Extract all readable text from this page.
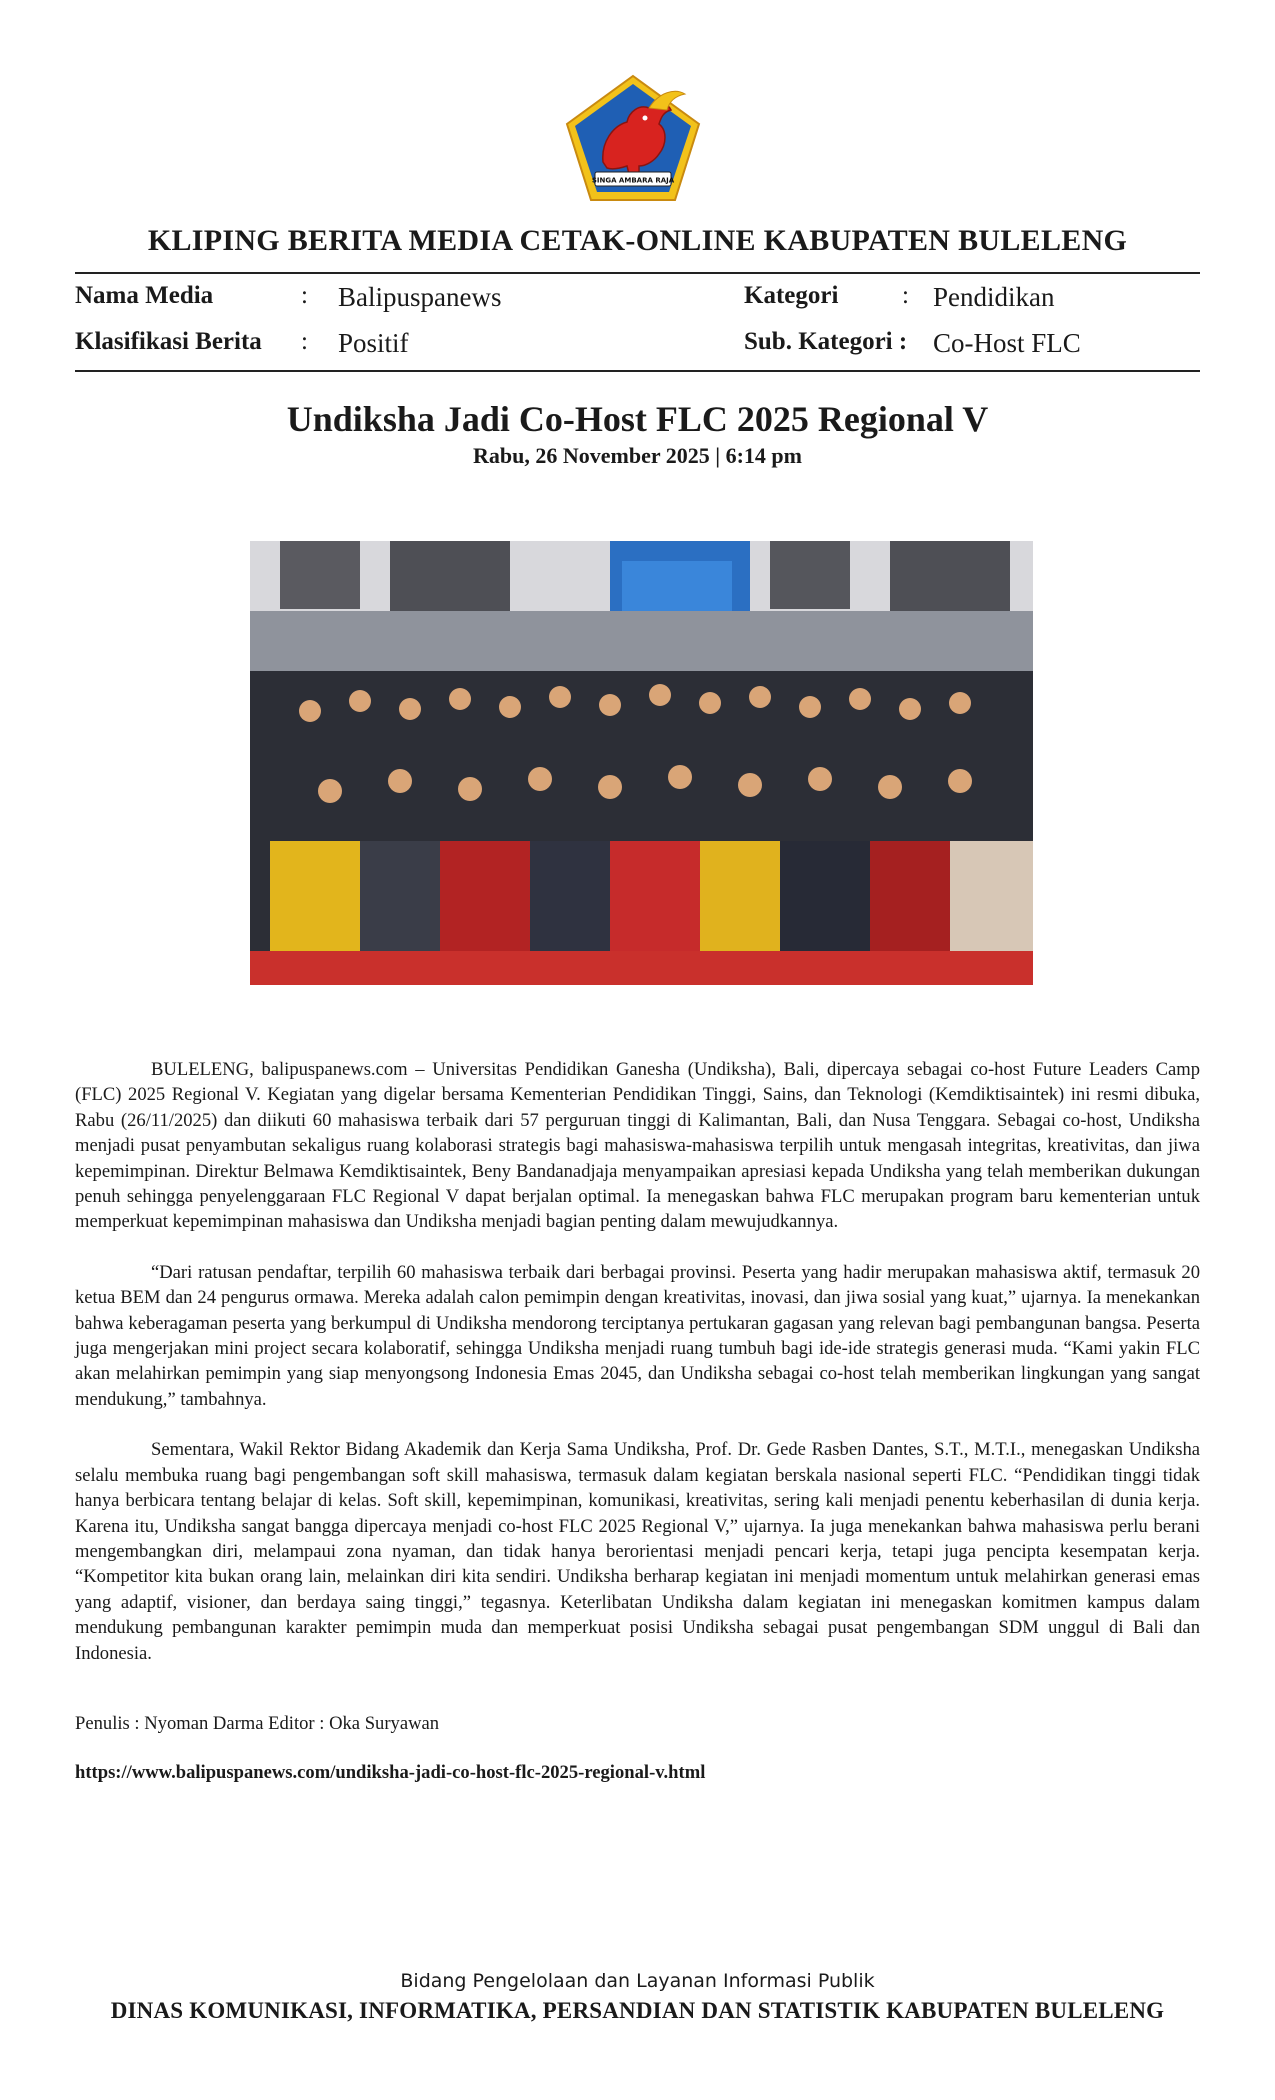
SINGA AMBARA RAJA
KLIPING BERITA MEDIA CETAK-ONLINE KABUPATEN BULELENG
Nama Media	: Balipuspanews	Kategori	: Pendidikan
Klasifikasi Berita : Positif	Sub. Kategori : Co-Host FLC
Undiksha Jadi Co-Host FLC 2025 Regional V
Rabu, 26 November 2025 | 6:14 pm

BULELENG, balipuspanews.com – Universitas Pendidikan Ganesha (Undiksha), Bali, dipercaya sebagai co-host Future Leaders Camp (FLC) 2025 Regional V. Kegiatan yang digelar bersama Kementerian Pendidikan Tinggi, Sains, dan Teknologi (Kemdiktisaintek) ini resmi dibuka, Rabu (26/11/2025) dan diikuti 60 mahasiswa terbaik dari 57 perguruan tinggi di Kalimantan, Bali, dan Nusa Tenggara. Sebagai co-host, Undiksha menjadi pusat penyambutan sekaligus ruang kolaborasi strategis bagi mahasiswa-mahasiswa terpilih untuk mengasah integritas, kreativitas, dan jiwa kepemimpinan. Direktur Belmawa Kemdiktisaintek, Beny Bandanadjaja menyampaikan apresiasi kepada Undiksha yang telah memberikan dukungan penuh sehingga penyelenggaraan FLC Regional V dapat berjalan optimal. Ia menegaskan bahwa FLC merupakan program baru kementerian untuk memperkuat kepemimpinan mahasiswa dan Undiksha menjadi bagian penting dalam mewujudkannya.

“Dari ratusan pendaftar, terpilih 60 mahasiswa terbaik dari berbagai provinsi. Peserta yang hadir merupakan mahasiswa aktif, termasuk 20 ketua BEM dan 24 pengurus ormawa. Mereka adalah calon pemimpin dengan kreativitas, inovasi, dan jiwa sosial yang kuat,” ujarnya. Ia menekankan bahwa keberagaman peserta yang berkumpul di Undiksha mendorong terciptanya pertukaran gagasan yang relevan bagi pembangunan bangsa. Peserta juga mengerjakan mini project secara kolaboratif, sehingga Undiksha menjadi ruang tumbuh bagi ide-ide strategis generasi muda. “Kami yakin FLC akan melahirkan pemimpin yang siap menyongsong Indonesia Emas 2045, dan Undiksha sebagai co-host telah memberikan lingkungan yang sangat mendukung,” tambahnya.

Sementara, Wakil Rektor Bidang Akademik dan Kerja Sama Undiksha, Prof. Dr. Gede Rasben Dantes, S.T., M.T.I., menegaskan Undiksha selalu membuka ruang bagi pengembangan soft skill mahasiswa, termasuk dalam kegiatan berskala nasional seperti FLC. “Pendidikan tinggi tidak hanya berbicara tentang belajar di kelas. Soft skill, kepemimpinan, komunikasi, kreativitas, sering kali menjadi penentu keberhasilan di dunia kerja. Karena itu, Undiksha sangat bangga dipercaya menjadi co-host FLC 2025 Regional V,” ujarnya. Ia juga menekankan bahwa mahasiswa perlu berani mengembangkan diri, melampaui zona nyaman, dan tidak hanya berorientasi menjadi pencari kerja, tetapi juga pencipta kesempatan kerja. “Kompetitor kita bukan orang lain, melainkan diri kita sendiri. Undiksha berharap kegiatan ini menjadi momentum untuk melahirkan generasi emas yang adaptif, visioner, dan berdaya saing tinggi,” tegasnya. Keterlibatan Undiksha dalam kegiatan ini menegaskan komitmen kampus dalam mendukung pembangunan karakter pemimpin muda dan memperkuat posisi Undiksha sebagai pusat pengembangan SDM unggul di Bali dan Indonesia.

Penulis : Nyoman Darma Editor : Oka Suryawan
https://www.balipuspanews.com/undiksha-jadi-co-host-flc-2025-regional-v.html
Bidang Pengelolaan dan Layanan Informasi Publik
DINAS KOMUNIKASI, INFORMATIKA, PERSANDIAN DAN STATISTIK KABUPATEN BULELENG
